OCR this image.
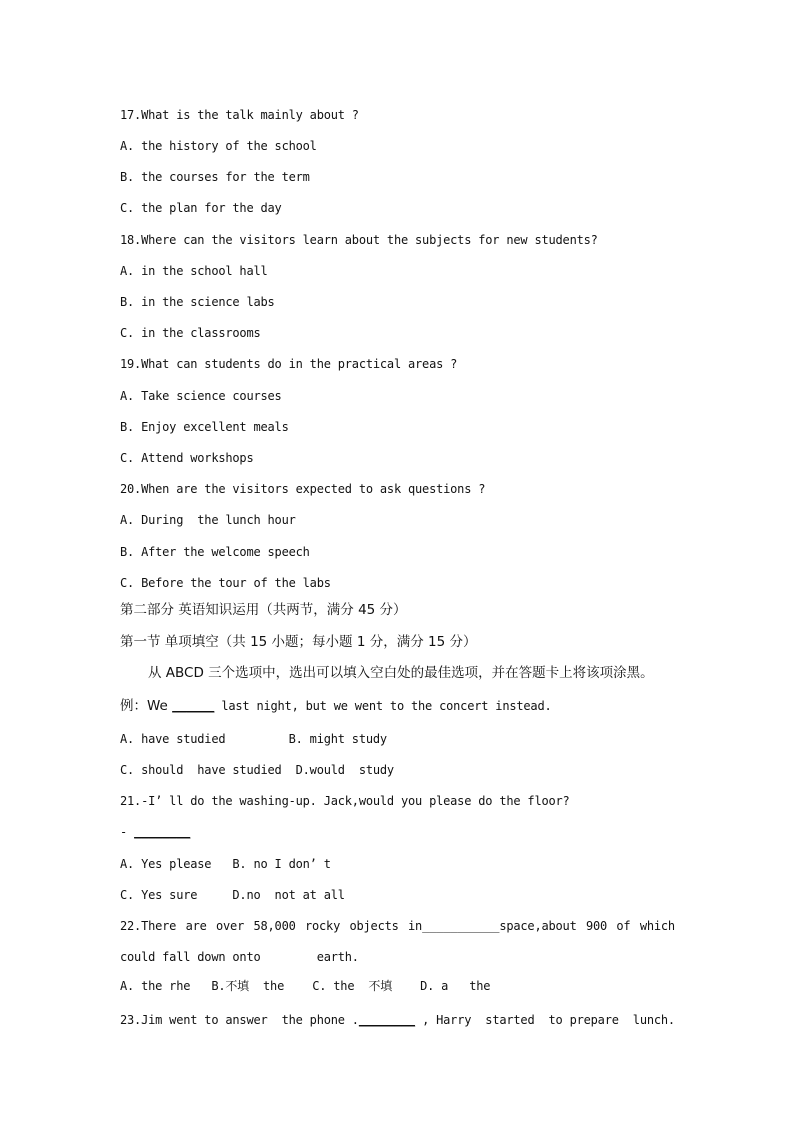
17.What is the talk mainly about ?
A. the history of the school
B. the courses for the term
C. the plan for the day
18.Where can the visitors learn about the subjects for new students?
A. in the school hall
B. in the science labs
C. in the classrooms
19.What can students do in the practical areas ?
A. Take science courses
B. Enjoy excellent meals
C. Attend workshops
20.When are the visitors expected to ask questions ?
A. During  the lunch hour
B. After the welcome speech
C. Before the tour of the labs
第二部分 英语知识运用（共两节，满分 45 分）
第一节 单项填空（共 15 小题；每小题 1 分，满分 15 分）
从 ABCD 三个选项中，选出可以填入空白处的最佳选项，并在答题卡上将该项涂黑。
例：We ______ last night, but we went to the concert instead.
A. have studied         B. might study
C. should  have studied  D.would  study
21.-I’ ll do the washing-up. Jack,would you please do the floor?
- ________
A. Yes please   B. no I don’ t
C. Yes sure     D.no  not at all
22.There are over 58,000 rocky objects in___________space,about 900 of which
could fall down onto        earth.
A. the rhe   B.不填  the    C. the  不填    D. a   the
23.Jim went to answer  the phone .________ , Harry  started  to prepare  lunch.
